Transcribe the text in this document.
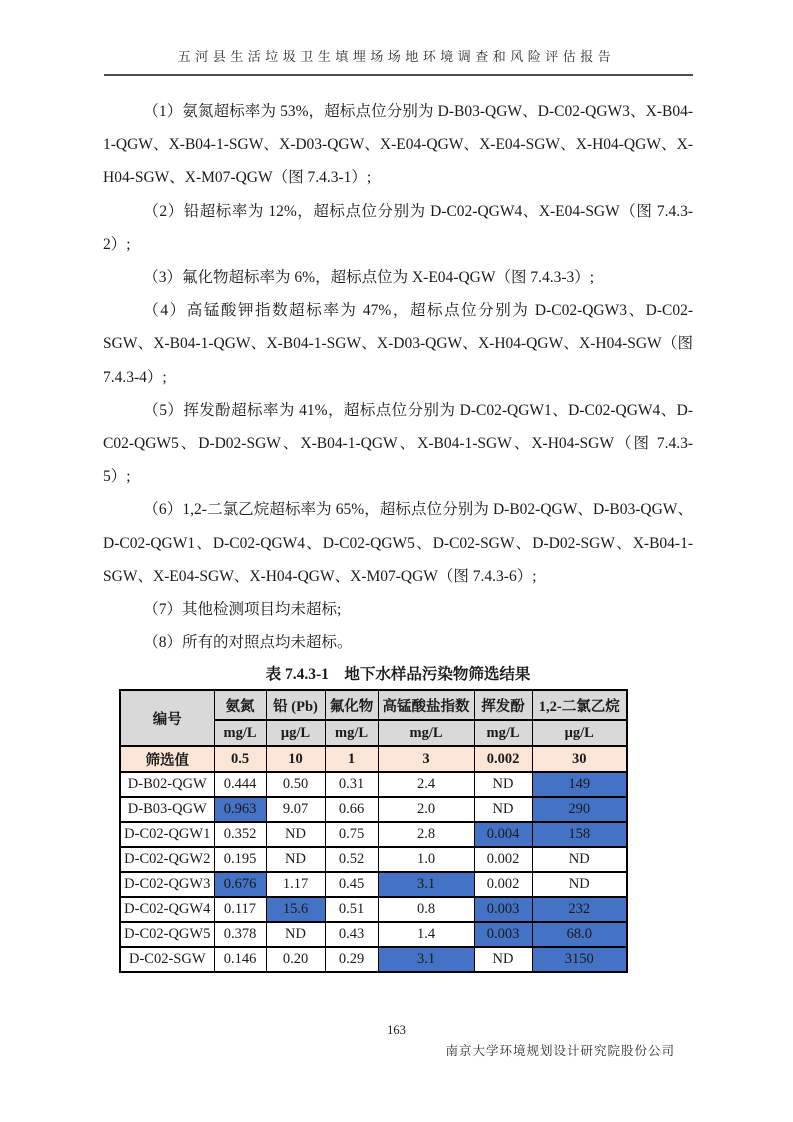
五河县生活垃圾卫生填埋场场地环境调查和风险评估报告

（1）氨氮超标率为 53%，超标点位分别为 D-B03-QGW、D-C02-QGW3、X-B04-1-QGW、X-B04-1-SGW、X-D03-QGW、X-E04-QGW、X-E04-SGW、X-H04-QGW、X-H04-SGW、X-M07-QGW（图 7.4.3-1）;

（2）铅超标率为 12%，超标点位分别为 D-C02-QGW4、X-E04-SGW（图 7.4.3-2）;

（3）氟化物超标率为 6%，超标点位为 X-E04-QGW（图 7.4.3-3）;

（4）高锰酸钾指数超标率为 47%，超标点位分别为 D-C02-QGW3、D-C02-SGW、X-B04-1-QGW、X-B04-1-SGW、X-D03-QGW、X-H04-QGW、X-H04-SGW（图 7.4.3-4）;

（5）挥发酚超标率为 41%，超标点位分别为 D-C02-QGW1、D-C02-QGW4、D-C02-QGW5、D-D02-SGW、X-B04-1-QGW、X-B04-1-SGW、X-H04-SGW（图 7.4.3-5）;

（6）1,2-二氯乙烷超标率为 65%，超标点位分别为 D-B02-QGW、D-B03-QGW、D-C02-QGW1、D-C02-QGW4、D-C02-QGW5、D-C02-SGW、D-D02-SGW、X-B04-1-SGW、X-E04-SGW、X-H04-QGW、X-M07-QGW（图 7.4.3-6）;

（7）其他检测项目均未超标;

（8）所有的对照点均未超标。

表 7.4.3-1　地下水样品污染物筛选结果
编号	氨氮	铅 (Pb)	氟化物	高锰酸盐指数	挥发酚	1,2-二氯乙烷
	mg/L	μg/L	mg/L	mg/L	mg/L	μg/L
筛选值	0.5	10	1	3	0.002	30
D-B02-QGW	0.444	0.50	0.31	2.4	ND	149
D-B03-QGW	0.963	9.07	0.66	2.0	ND	290
D-C02-QGW1	0.352	ND	0.75	2.8	0.004	158
D-C02-QGW2	0.195	ND	0.52	1.0	0.002	ND
D-C02-QGW3	0.676	1.17	0.45	3.1	0.002	ND
D-C02-QGW4	0.117	15.6	0.51	0.8	0.003	232
D-C02-QGW5	0.378	ND	0.43	1.4	0.003	68.0
D-C02-SGW	0.146	0.20	0.29	3.1	ND	3150
163
南京大学环境规划设计研究院股份公司
